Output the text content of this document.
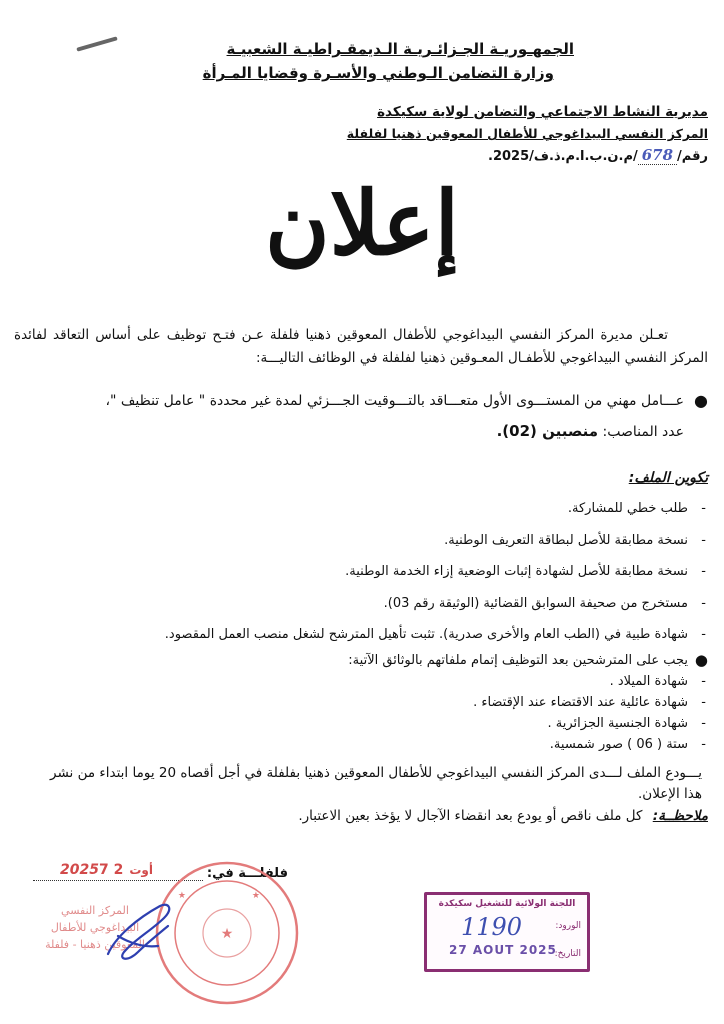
الجمهـوريـة الجـزائـريـة الـديمقـراطيـة الشعبيـة
وزارة التضامن الـوطني والأسـرة وقضايا المـرأة
مديرية النشاط الاجتماعي والتضامن لولاية سكيكدة
المركز النفسي البيداغوجي للأطفال المعوقين ذهنيا لفلفلة
رقم/678/م.ن.ب.ا.م.ذ.ف/2025.
إعلان
تعـلن مديرة المركز النفسي البيداغوجي للأطفال المعوقين ذهنيا فلفلة عـن فتـح توظيف على أساس التعاقد لفائدة المركز النفسي البيداغوجي للأطفـال المعـوقين ذهنيا لفلفلة في الوظائف التاليـــة:
●
عـــامل مهني من المستـــوى الأول متعـــاقد بالتـــوقيت الجـــزئي لمدة غير محددة " عامل تنظيف "،
عدد المناصب: منصبين (02).
تكوين الملف:
- طلب خطي للمشاركة.
- نسخة مطابقة للأصل لبطاقة التعريف الوطنية.
- نسخة مطابقة للأصل لشهادة إثبات الوضعية إزاء الخدمة الوطنية.
- مستخرج من صحيفة السوابق القضائية (الوثيقة رقم 03).
- شهادة طبية في (الطب العام والأخرى صدرية). تثبت تأهيل المترشح لشغل منصب العمل المقصود.
●
يجب على المترشحين بعد التوظيف إتمام ملفاتهم بالوثائق الآتية:
- شهادة الميلاد .
- شهادة عائلية عند الاقتضاء عند الإقتضاء .
- شهادة الجنسية الجزائرية .
- ستة ( 06 ) صور شمسية.
يـــودع الملف لـــدى المركز النفسي البيداغوجي للأطفال المعوقين ذهنيا بفلفلة في أجل أقصاه 20 يوما ابتداء من نشر هذا الإعلان.
ملاحظــة: كل ملف ناقص أو يودع بعد انقضاء الآجال لا يؤخذ بعين الاعتبار.
فلفلـــة في:
2025	أوت2 7
★
★	★
المركز النفسي البيداغوجي للأطفال المعوقين ذهنيا - فلفلة
اللجنة الولائية للتشغيل سكيكدة
الورود:
التاريخ:
1190
27 AOUT 2025
